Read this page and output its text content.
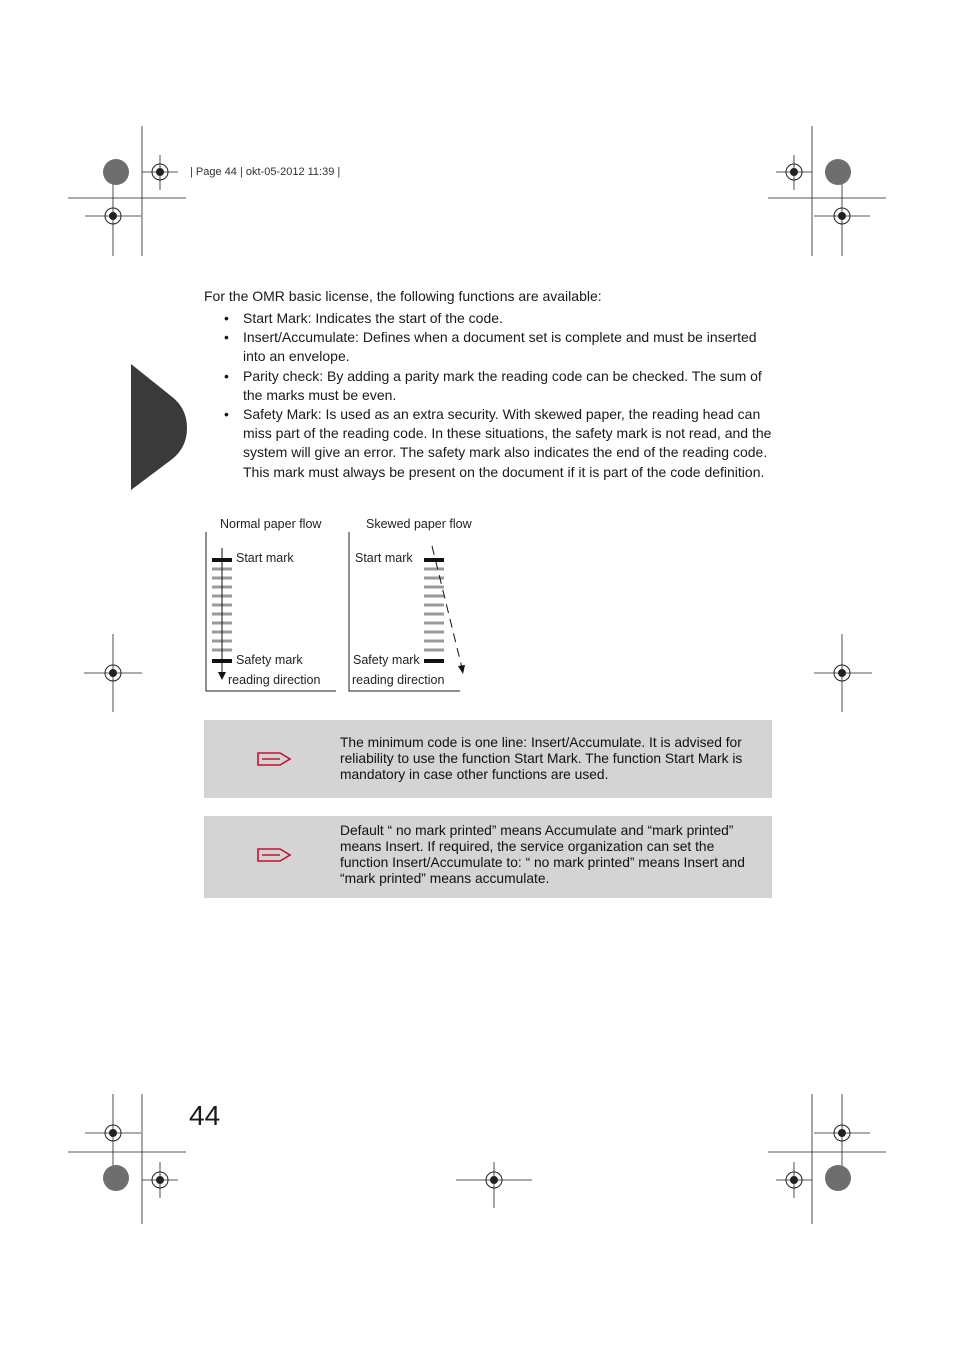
| Page 44 | okt-05-2012 11:39 |
For the OMR basic license, the following functions are available:
• Start Mark: Indicates the start of the code.
• Insert/Accumulate: Defines when a document set is complete and must be inserted into an envelope.
• Parity check: By adding a parity mark the reading code can be checked. The sum of the marks must be even.
• Safety Mark: Is used as an extra security. With skewed paper, the reading head can miss part of the reading code. In these situations, the safety mark is not read, and the system will give an error. The safety mark also indicates the end of the reading code. This mark must always be present on the document if it is part of the code definition.
Normal paper flow
Start mark
Safety mark
reading direction
Skewed paper flow
Start mark
Safety mark
reading direction
The minimum code is one line: Insert/Accumulate. It is advised for reliability to use the function Start Mark. The function Start Mark is mandatory in case other functions are used.
Default “ no mark printed” means Accumulate and “mark printed” means Insert. If required, the service organization can set the function Insert/Accumulate to: “ no mark printed” means Insert and “mark printed” means accumulate.
44
